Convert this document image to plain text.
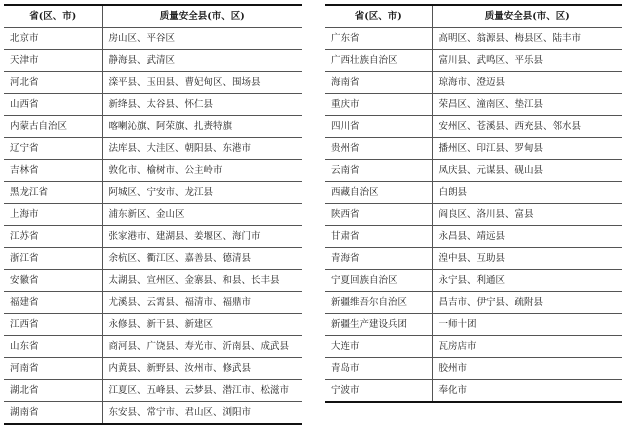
省(区、市)	质量安全县(市、区)
北京市	房山区、平谷区
天津市	静海县、武清区
河北省	滦平县、玉田县、曹妃甸区、围场县
山西省	新绛县、太谷县、怀仁县
内蒙古自治区	喀喇沁旗、阿荣旗、扎赉特旗
辽宁省	法库县、大洼区、朝阳县、东港市
吉林省	敦化市、榆树市、公主岭市
黑龙江省	阿城区、宁安市、龙江县
上海市	浦东新区、金山区
江苏省	张家港市、建湖县、姜堰区、海门市
浙江省	余杭区、衢江区、嘉善县、德清县
安徽省	太湖县、宣州区、金寨县、和县、长丰县
福建省	尤溪县、云霄县、福清市、福鼎市
江西省	永修县、新干县、新建区
山东省	商河县、广饶县、寿光市、沂南县、成武县
河南省	内黄县、新野县、汝州市、修武县
湖北省	江夏区、五峰县、云梦县、潜江市、松滋市
湖南省	东安县、常宁市、君山区、浏阳市
省(区、市)	质量安全县(市、区)
广东省	高明区、翁源县、梅县区、陆丰市
广西壮族自治区	富川县、武鸣区、平乐县
海南省	琼海市、澄迈县
重庆市	荣昌区、潼南区、垫江县
四川省	安州区、苍溪县、西充县、邻水县
贵州省	播州区、印江县、罗甸县
云南省	凤庆县、元谋县、砚山县
西藏自治区	白朗县
陕西省	阎良区、洛川县、富县
甘肃省	永昌县、靖远县
青海省	湟中县、互助县
宁夏回族自治区	永宁县、利通区
新疆维吾尔自治区	昌吉市、伊宁县、疏附县
新疆生产建设兵团	一师十团
大连市	瓦房店市
青岛市	胶州市
宁波市	奉化市
